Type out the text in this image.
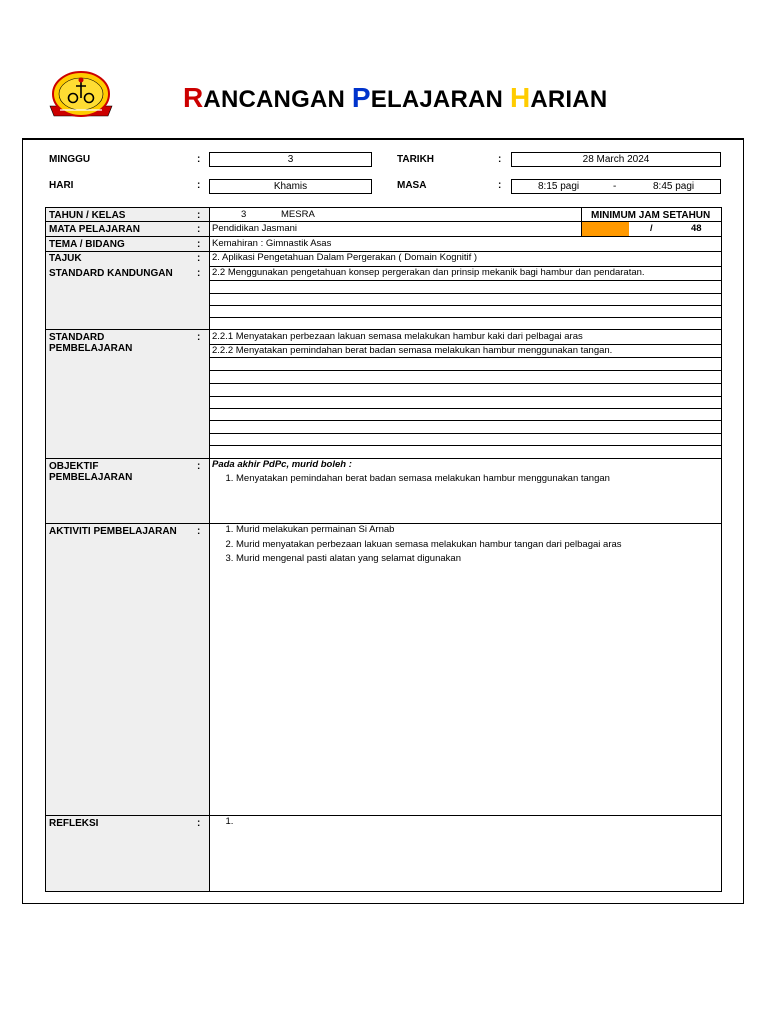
RANCANGAN PELAJARAN HARIAN
MINGGU	:	3	TARIKH	:	28 March 2024
HARI	:	Khamis	MASA	:	8:15 pagi	-	8:45 pagi
TAHUN / KELAS	:	3	MESRA	MINIMUM JAM SETAHUN
/	48
MATA PELAJARAN	: Pendidikan Jasmani
TEMA / BIDANG	: Kemahiran : Gimnastik Asas
TAJUK	: 2. Aplikasi Pengetahuan Dalam Pergerakan ( Domain Kognitif )
STANDARD KANDUNGAN : 2.2 Menggunakan pengetahuan konsep pergerakan dan prinsip mekanik bagi hambur dan pendaratan.
STANDARD
PEMBELAJARAN
: 2.2.1 Menyatakan perbezaan lakuan semasa melakukan hambur kaki dari pelbagai aras
2.2.2 Menyatakan pemindahan berat badan semasa melakukan hambur menggunakan tangan.
OBJEKTIF
PEMBELAJARAN
: Pada akhir PdPc, murid boleh :
1. Menyatakan pemindahan berat badan semasa melakukan hambur menggunakan tangan
AKTIVITI PEMBELAJARAN :
1.	Murid melakukan permainan Si Arnab
2. Murid menyatakan perbezaan lakuan semasa melakukan hambur tangan dari pelbagai aras
3. Murid mengenal pasti alatan yang selamat digunakan
REFLEKSI	:
